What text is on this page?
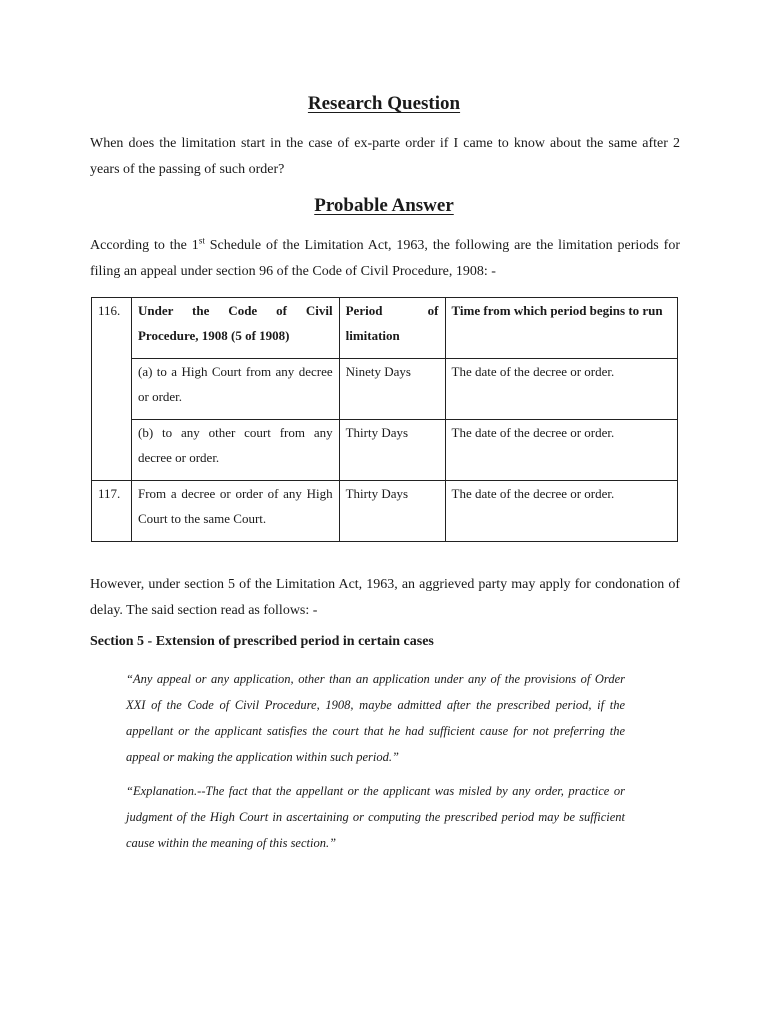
Research Question
When does the limitation start in the case of ex-parte order if I came to know about the same after 2 years of the passing of such order?
Probable Answer
According to the 1st Schedule of the Limitation Act, 1963, the following are the limitation periods for filing an appeal under section 96 of the Code of Civil Procedure, 1908: -
116.	Under the Code of Civil Procedure, 1908 (5 of 1908)	Period of limitation	Time from which period begins to run
	(a) to a High Court from any decree or order.	Ninety Days	The date of the decree or order.
	(b) to any other court from any decree or order.	Thirty Days	The date of the decree or order.
117.	From a decree or order of any High Court to the same Court.	Thirty Days	The date of the decree or order.
However, under section 5 of the Limitation Act, 1963, an aggrieved party may apply for condonation of delay. The said section read as follows: -
Section 5 - Extension of prescribed period in certain cases
“Any appeal or any application, other than an application under any of the provisions of Order XXI of the Code of Civil Procedure, 1908, maybe admitted after the prescribed period, if the appellant or the applicant satisfies the court that he had sufficient cause for not preferring the appeal or making the application within such period.”
“Explanation.--The fact that the appellant or the applicant was misled by any order, practice or judgment of the High Court in ascertaining or computing the prescribed period may be sufficient cause within the meaning of this section.”
